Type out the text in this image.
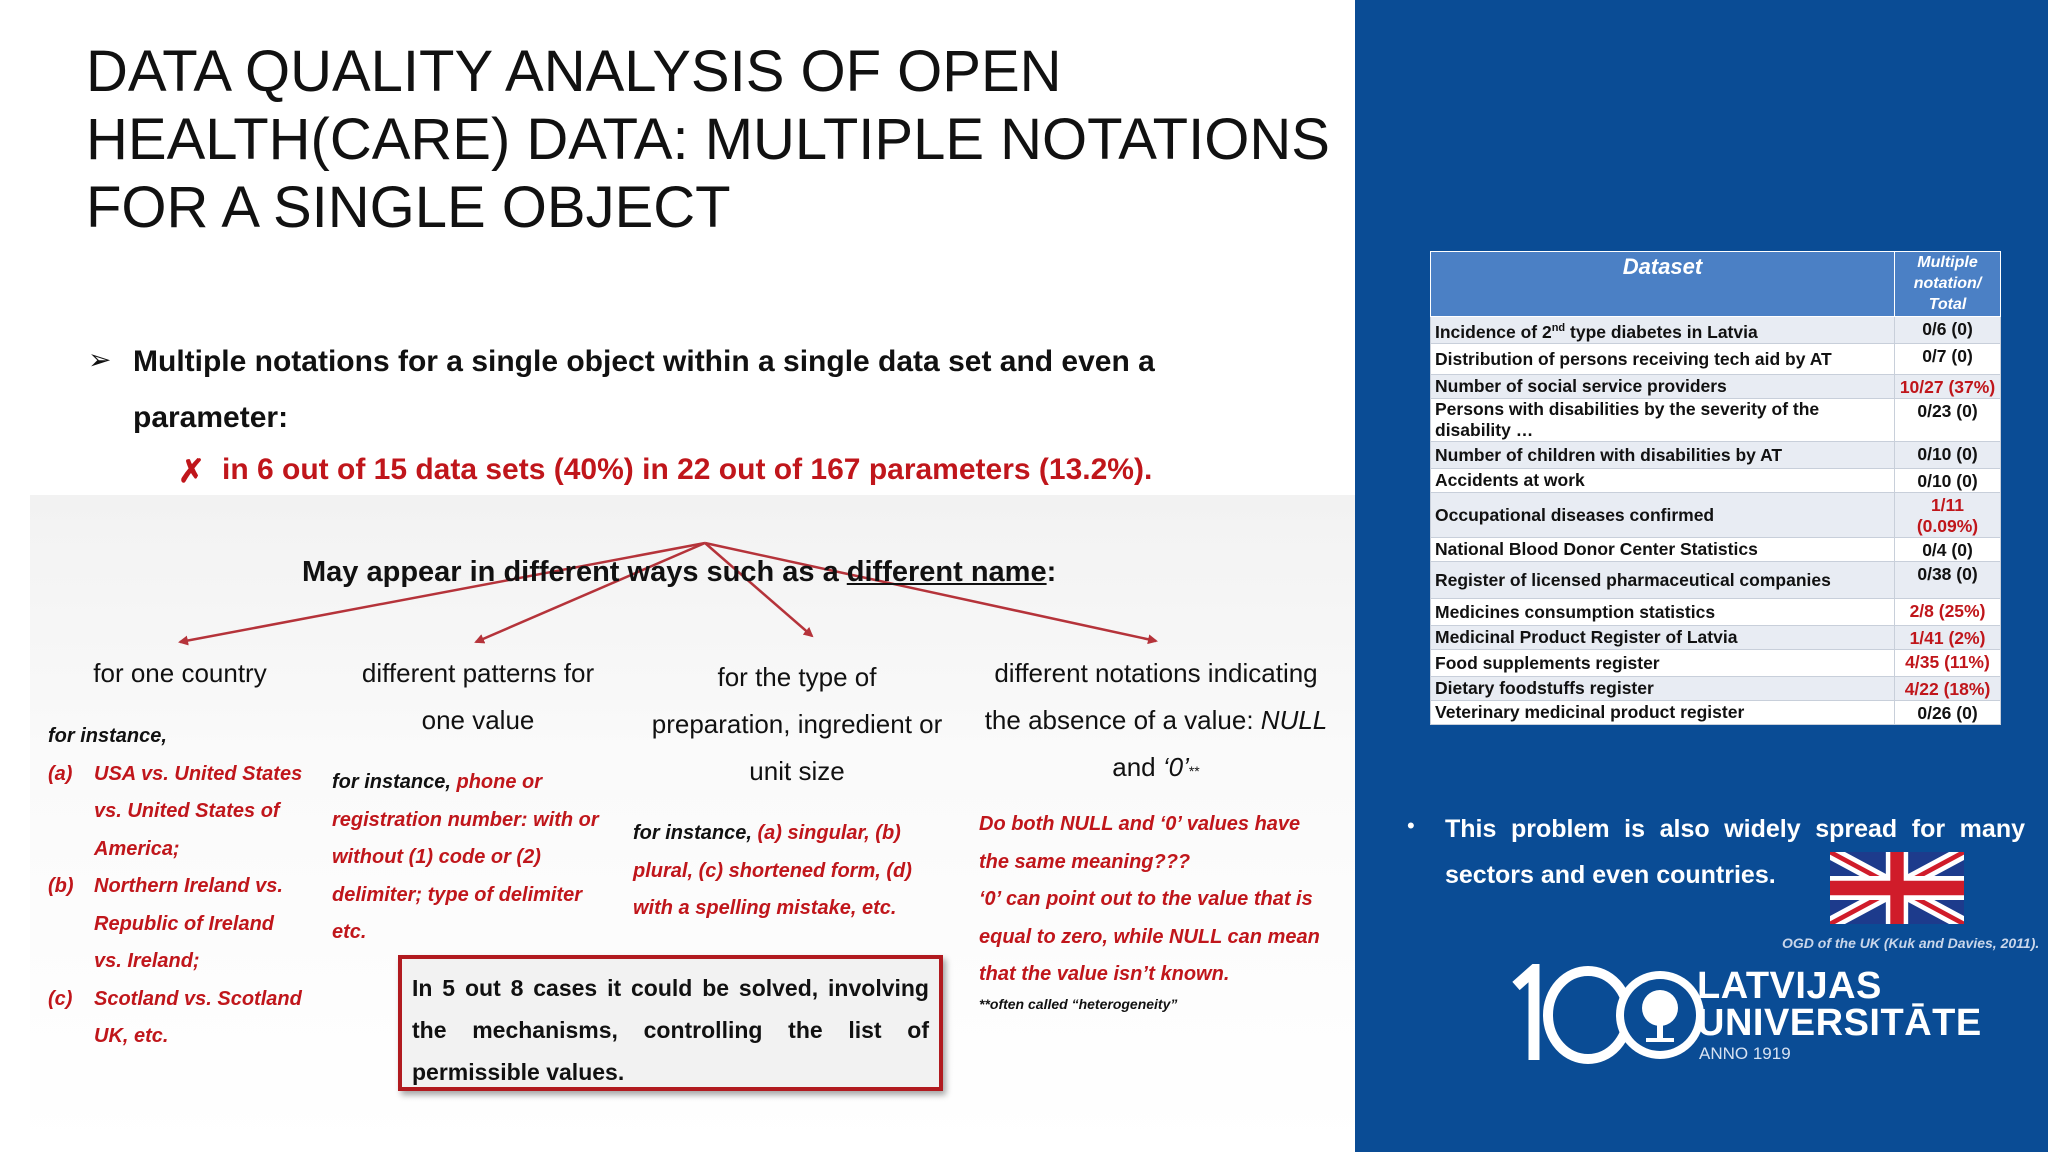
DATA QUALITY ANALYSIS OF OPEN
HEALTH(CARE) DATA: MULTIPLE NOTATIONS
FOR A SINGLE OBJECT
➢ Multiple notations for a single object within a single data set and even a
parameter:
✗ in 6 out of 15 data sets (40%) in 22 out of 167 parameters (13.2%).
May appear in different ways such as a different name:
for one country
for instance,
(a)	USA vs. United States
vs. United States of
America;
(b)	Northern Ireland vs.
Republic of Ireland
vs. Ireland;
(c)	Scotland vs. Scotland
UK, etc.
different patterns for
one value
for instance, phone or
registration number: with or
without (1) code or (2)
delimiter; type of delimiter
etc.
for the type of
preparation, ingredient or
unit size
for instance, (a) singular, (b)
plural, (c) shortened form, (d)
with a spelling mistake, etc.
different notations indicating
the absence of a value: NULL
and ‘0’**
Do both NULL and ‘0’ values have
the same meaning???
‘0’ can point out to the value that is
equal to zero, while NULL can mean
that the value isn’t known.
**often called “heterogeneity”
In 5 out 8 cases it could be solved, involving the mechanisms, controlling the list of permissible values.
Dataset	Multiple
notation/
Total

Incidence of 2nd type diabetes in Latvia	0/6 (0)
Distribution of persons receiving tech aid by AT	0/7 (0)
Number of social service providers	10/27 (37%)
Persons with disabilities by the severity of the disability …	0/23 (0)
Number of children with disabilities by AT	0/10 (0)
Accidents at work	0/10 (0)
Occupational diseases confirmed	1/11 (0.09%)
National Blood Donor Center Statistics	0/4 (0)
Register of licensed pharmaceutical companies	0/38 (0)
Medicines consumption statistics	2/8 (25%)
Medicinal Product Register of Latvia	1/41 (2%)
Food supplements register	4/35 (11%)
Dietary foodstuffs register	4/22 (18%)
Veterinary medicinal product register	0/26 (0)
• This problem is also widely spread for many sectors and even countries.
OGD of the UK (Kuk and Davies, 2011).
LATVIJAS
UNIVERSITĀTE
ANNO 1919
